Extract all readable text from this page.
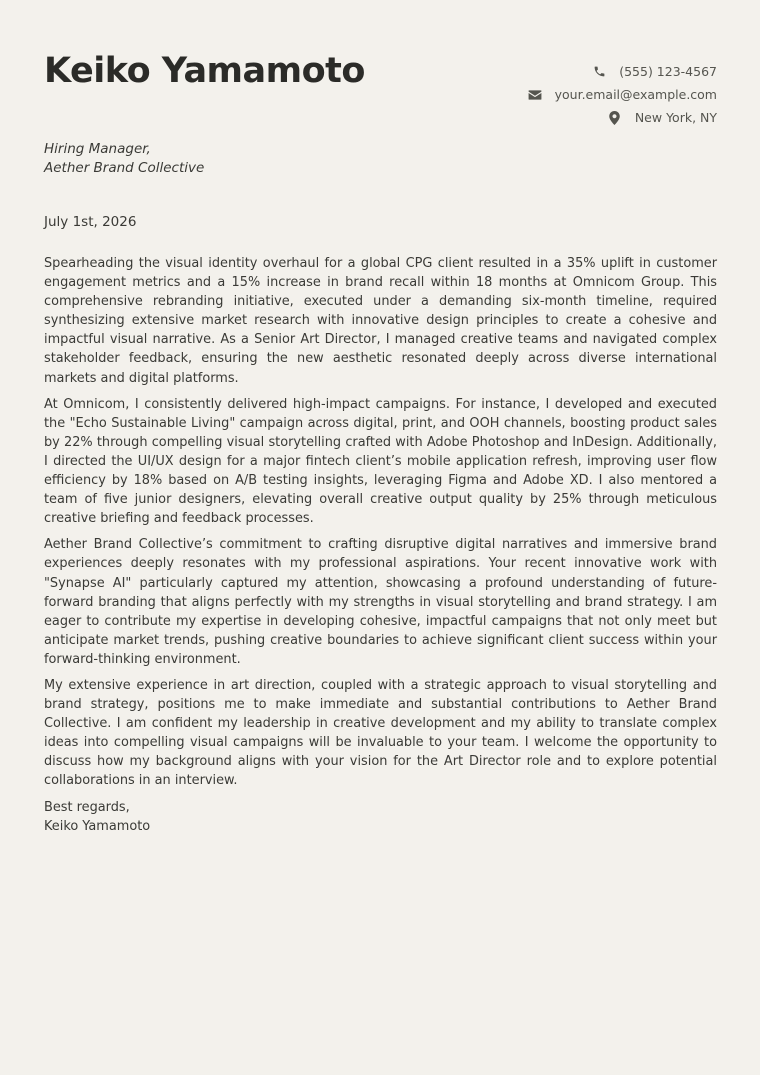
Keiko Yamamoto	(555) 123-4567
your.email@example.com
New York, NY
Hiring Manager,
Aether Brand Collective
July 1st, 2026

Spearheading the visual identity overhaul for a global CPG client resulted in a 35% uplift in customer engagement metrics and a 15% increase in brand recall within 18 months at Omnicom Group. This comprehensive rebranding initiative, executed under a demanding six-month timeline, required synthesizing extensive market research with innovative design principles to create a cohesive and impactful visual narrative. As a Senior Art Director, I managed creative teams and navigated complex stakeholder feedback, ensuring the new aesthetic resonated deeply across diverse international markets and digital platforms.

At Omnicom, I consistently delivered high-impact campaigns. For instance, I developed and executed the "Echo Sustainable Living" campaign across digital, print, and OOH channels, boosting product sales by 22% through compelling visual storytelling crafted with Adobe Photoshop and InDesign. Additionally, I directed the UI/UX design for a major fintech client’s mobile application refresh, improving user flow efficiency by 18% based on A/B testing insights, leveraging Figma and Adobe XD. I also mentored a team of five junior designers, elevating overall creative output quality by 25% through meticulous creative briefing and feedback processes.

Aether Brand Collective’s commitment to crafting disruptive digital narratives and immersive brand experiences deeply resonates with my professional aspirations. Your recent innovative work with "Synapse AI" particularly captured my attention, showcasing a profound understanding of future-forward branding that aligns perfectly with my strengths in visual storytelling and brand strategy. I am eager to contribute my expertise in developing cohesive, impactful campaigns that not only meet but anticipate market trends, pushing creative boundaries to achieve significant client success within your forward-thinking environment.

My extensive experience in art direction, coupled with a strategic approach to visual storytelling and brand strategy, positions me to make immediate and substantial contributions to Aether Brand Collective. I am confident my leadership in creative development and my ability to translate complex ideas into compelling visual campaigns will be invaluable to your team. I welcome the opportunity to discuss how my background aligns with your vision for the Art Director role and to explore potential collaborations in an interview.

Best regards,
Keiko Yamamoto
